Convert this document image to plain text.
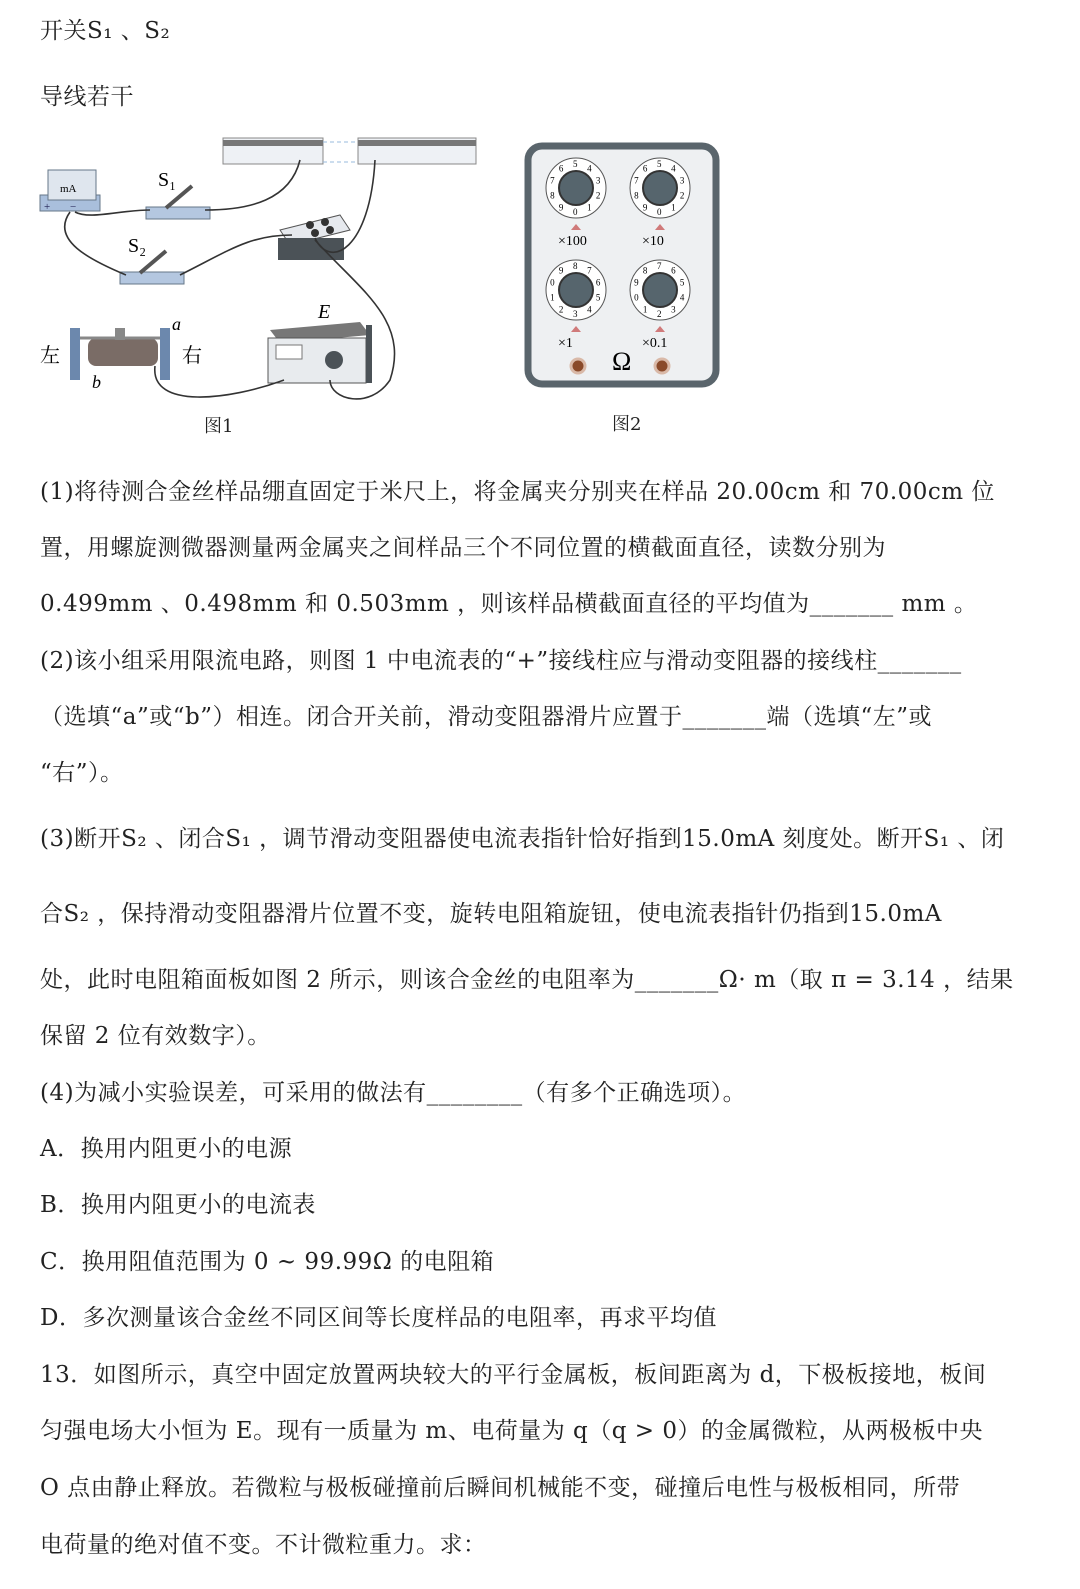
开关S₁ 、S₂
导线若干
mA
+ −
S₁
S₂
a
b
左	右
E
图1
0 1
2
3
4
5
6
7
8
9
×100
0 1
2
3
4
5
6
7
8
9
×10
0
1
2 3 4
5
6
7
8
9
×1
0
1 2 3
4
5
6
7
8
9
×0.1
Ω
图2
(1)将待测合金丝样品绷直固定于米尺上，将金属夹分别夹在样品 20.00cm 和 70.00cm 位
置，用螺旋测微器测量两金属夹之间样品三个不同位置的横截面直径，读数分别为
0.499mm 、0.498mm 和 0.503mm ，则该样品横截面直径的平均值为_______ mm 。
(2)该小组采用限流电路，则图 1 中电流表的“+”接线柱应与滑动变阻器的接线柱_______
（选填“a”或“b”）相连。闭合开关前，滑动变阻器滑片应置于_______端（选填“左”或
“右”）。
(3)断开S₂ 、闭合S₁ ，调节滑动变阻器使电流表指针恰好指到15.0mA 刻度处。断开S₁ 、闭
合S₂ ，保持滑动变阻器滑片位置不变，旋转电阻箱旋钮，使电流表指针仍指到15.0mA
处，此时电阻箱面板如图 2 所示，则该合金丝的电阻率为_______Ω· m（取 π = 3.14 ，结果
保留 2 位有效数字）。
(4)为减小实验误差，可采用的做法有________（有多个正确选项）。
A．换用内阻更小的电源
B．换用内阻更小的电流表
C．换用阻值范围为 0 ~ 99.99Ω 的电阻箱
D．多次测量该合金丝不同区间等长度样品的电阻率，再求平均值
13．如图所示，真空中固定放置两块较大的平行金属板，板间距离为 d，下极板接地，板间
匀强电场大小恒为 E。现有一质量为 m、电荷量为 q（q > 0）的金属微粒，从两极板中央
O 点由静止释放。若微粒与极板碰撞前后瞬间机械能不变，碰撞后电性与极板相同，所带
电荷量的绝对值不变。不计微粒重力。求：
